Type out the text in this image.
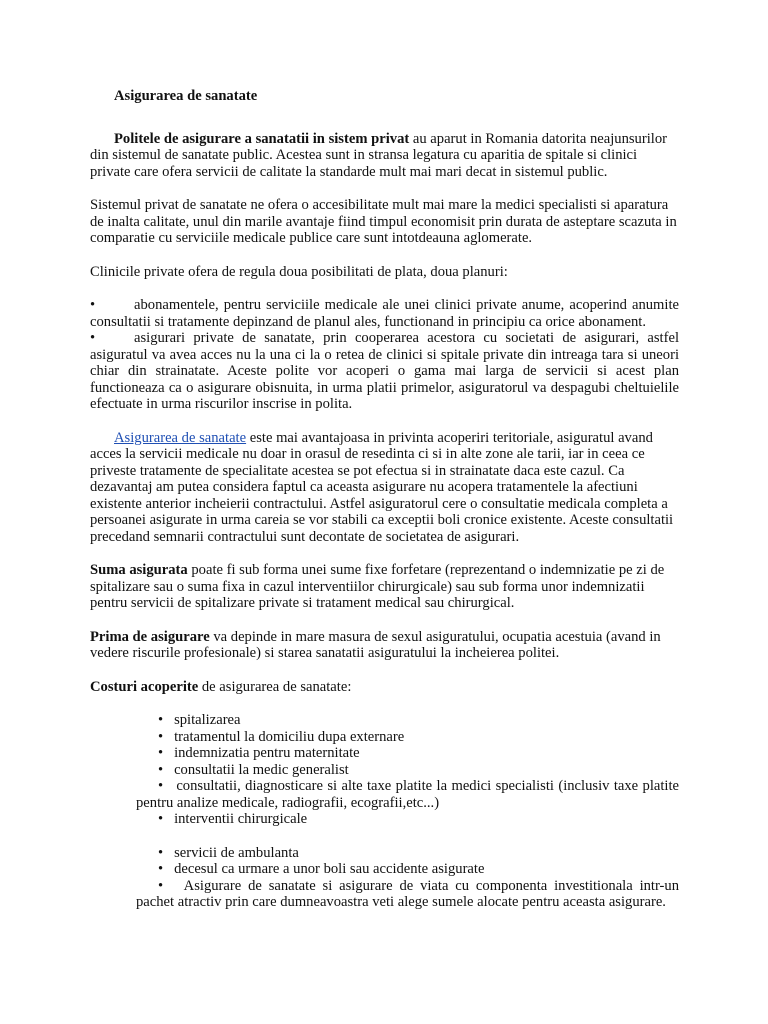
Asigurarea de sanatate

Politele de asigurare a sanatatii in sistem privat au aparut in Romania datorita neajunsurilor din sistemul de sanatate public. Acestea sunt in stransa legatura cu aparitia de spitale si clinici private care ofera servicii de calitate la standarde mult mai mari decat in sistemul public.

Sistemul privat de sanatate ne ofera o accesibilitate mult mai mare la medici specialisti si aparatura de inalta calitate, unul din marile avantaje fiind timpul economisit prin durata de asteptare scazuta in comparatie cu serviciile medicale publice care sunt intotdeauna aglomerate.

Clinicile private ofera de regula doua posibilitati de plata, doua planuri:

•	abonamentele, pentru serviciile medicale ale unei clinici private anume, acoperind anumite consultatii si tratamente depinzand de planul ales, functionand in principiu ca orice abonament.

•	asigurari private de sanatate, prin cooperarea acestora cu societati de asigurari, astfel asiguratul va avea acces nu la una ci la o retea de clinici si spitale private din intreaga tara si uneori chiar din strainatate. Aceste polite vor acoperi o gama mai larga de servicii si acest plan functioneaza ca o asigurare obisnuita, in urma platii primelor, asiguratorul va despagubi cheltuielile efectuate in urma riscurilor inscrise in polita.

Asigurarea de sanatate este mai avantajoasa in privinta acoperiri teritoriale, asiguratul avand acces la servicii medicale nu doar in orasul de resedinta ci si in alte zone ale tarii, iar in ceea ce priveste tratamente de specialitate acestea se pot efectua si in strainatate daca este cazul. Ca dezavantaj am putea considera faptul ca aceasta asigurare nu acopera tratamentele la afectiuni existente anterior incheierii contractului. Astfel asiguratorul cere o consultatie medicala completa a persoanei asigurate in urma careia se vor stabili ca exceptii boli cronice existente. Aceste consultatii precedand semnarii contractului sunt decontate de societatea de asigurari.

Suma asigurata poate fi sub forma unei sume fixe forfetare (reprezentand o indemnizatie pe zi de spitalizare sau o suma fixa in cazul interventiilor chirurgicale) sau sub forma unor indemnizatii pentru servicii de spitalizare private si tratament medical sau chirurgical.

Prima de asigurare va depinde in mare masura de sexul asiguratului, ocupatia acestuia (avand in vedere riscurile profesionale) si starea sanatatii asiguratului la incheierea politei.

Costuri acoperite de asigurarea de sanatate:

• spitalizarea
• tratamentul la domiciliu dupa externare
• indemnizatia pentru maternitate
• consultatii la medic generalist
• consultatii, diagnosticare si alte taxe platite la medici specialisti (inclusiv taxe platite pentru analize medicale, radiografii, ecografii,etc...)
• interventii chirurgicale
• servicii de ambulanta
• decesul ca urmare a unor boli sau accidente asigurate
• Asigurare de sanatate si asigurare de viata cu componenta investitionala intr-un pachet atractiv prin care dumneavoastra veti alege sumele alocate pentru aceasta asigurare.
